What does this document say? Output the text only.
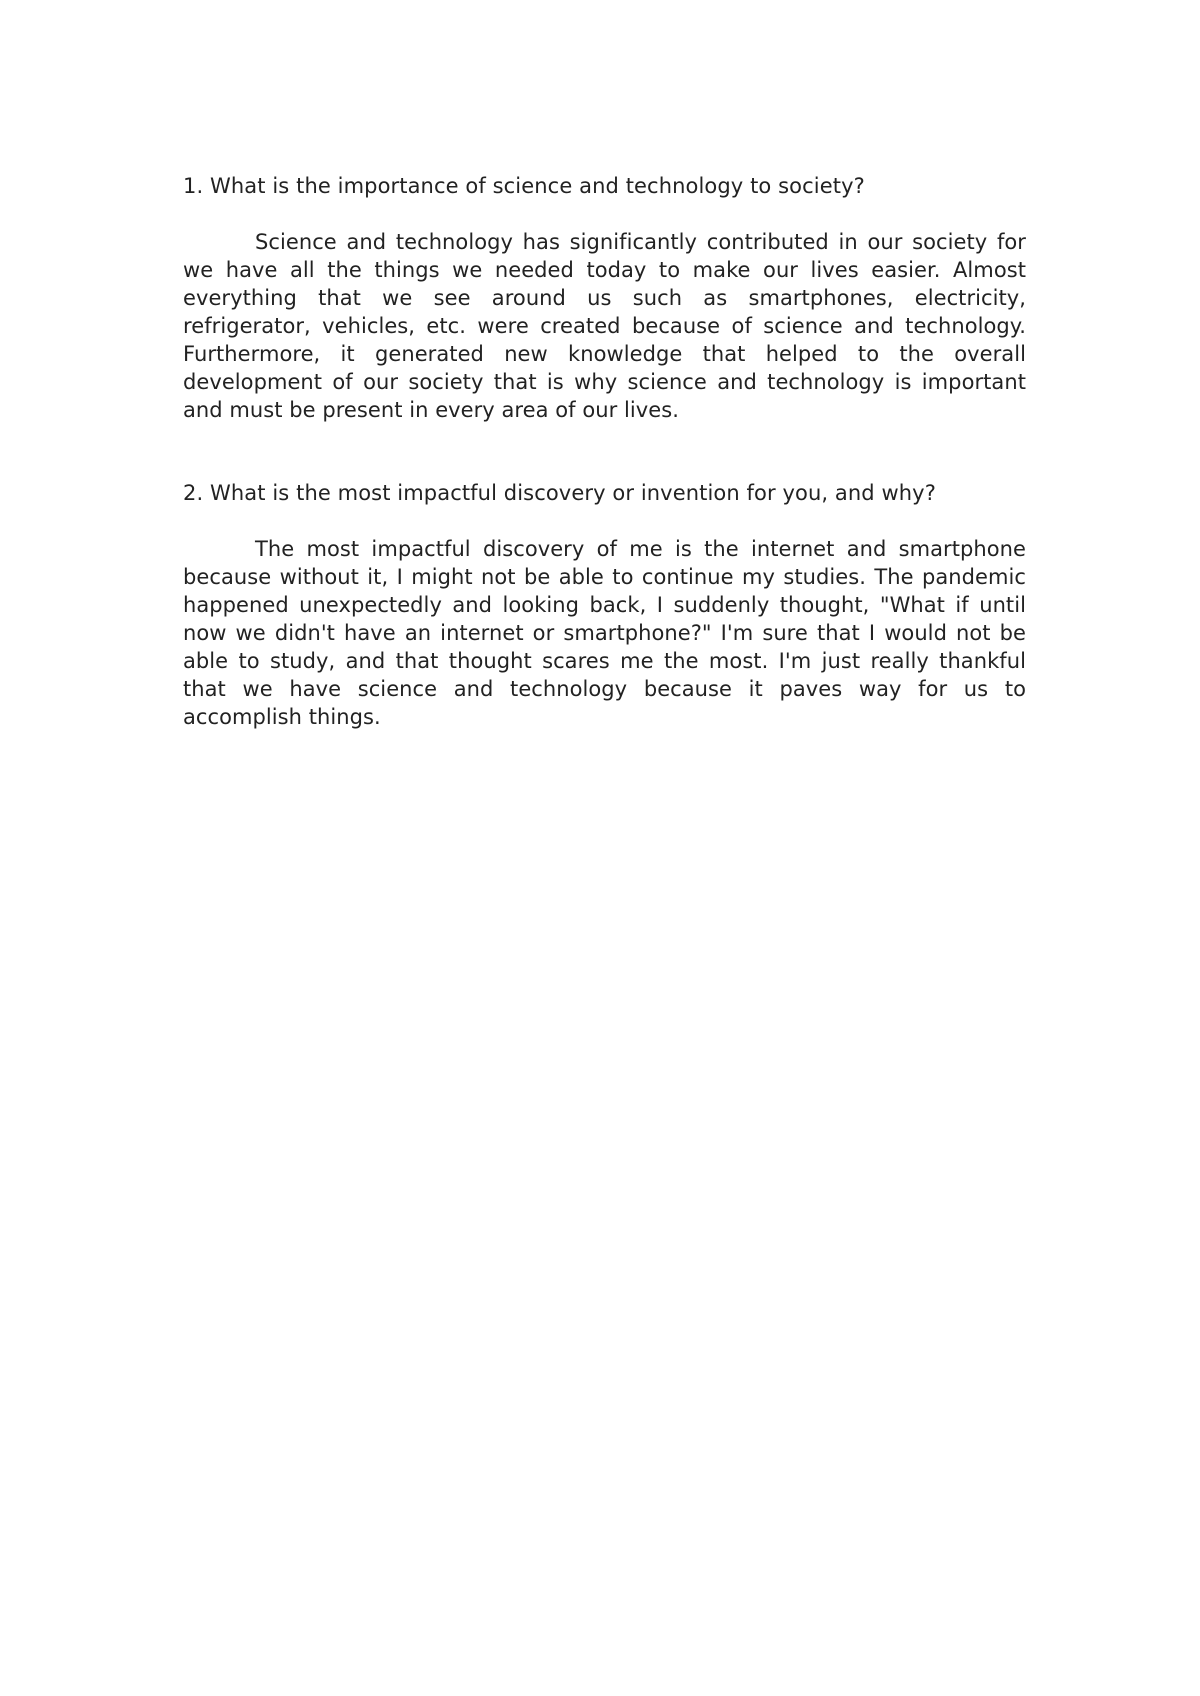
1. What is the importance of science and technology to society?

Science and technology has significantly contributed in our society for we have all the things we needed today to make our lives easier. Almost everything that we see around us such as smartphones, electricity, refrigerator, vehicles, etc. were created because of science and technology. Furthermore, it generated new knowledge that helped to the overall development of our society that is why science and technology is important and must be present in every area of our lives.

2. What is the most impactful discovery or invention for you, and why?

The most impactful discovery of me is the internet and smartphone because without it, I might not be able to continue my studies. The pandemic happened unexpectedly and looking back, I suddenly thought, "What if until now we didn't have an internet or smartphone?" I'm sure that I would not be able to study, and that thought scares me the most. I'm just really thankful that we have science and technology because it paves way for us to accomplish things.
